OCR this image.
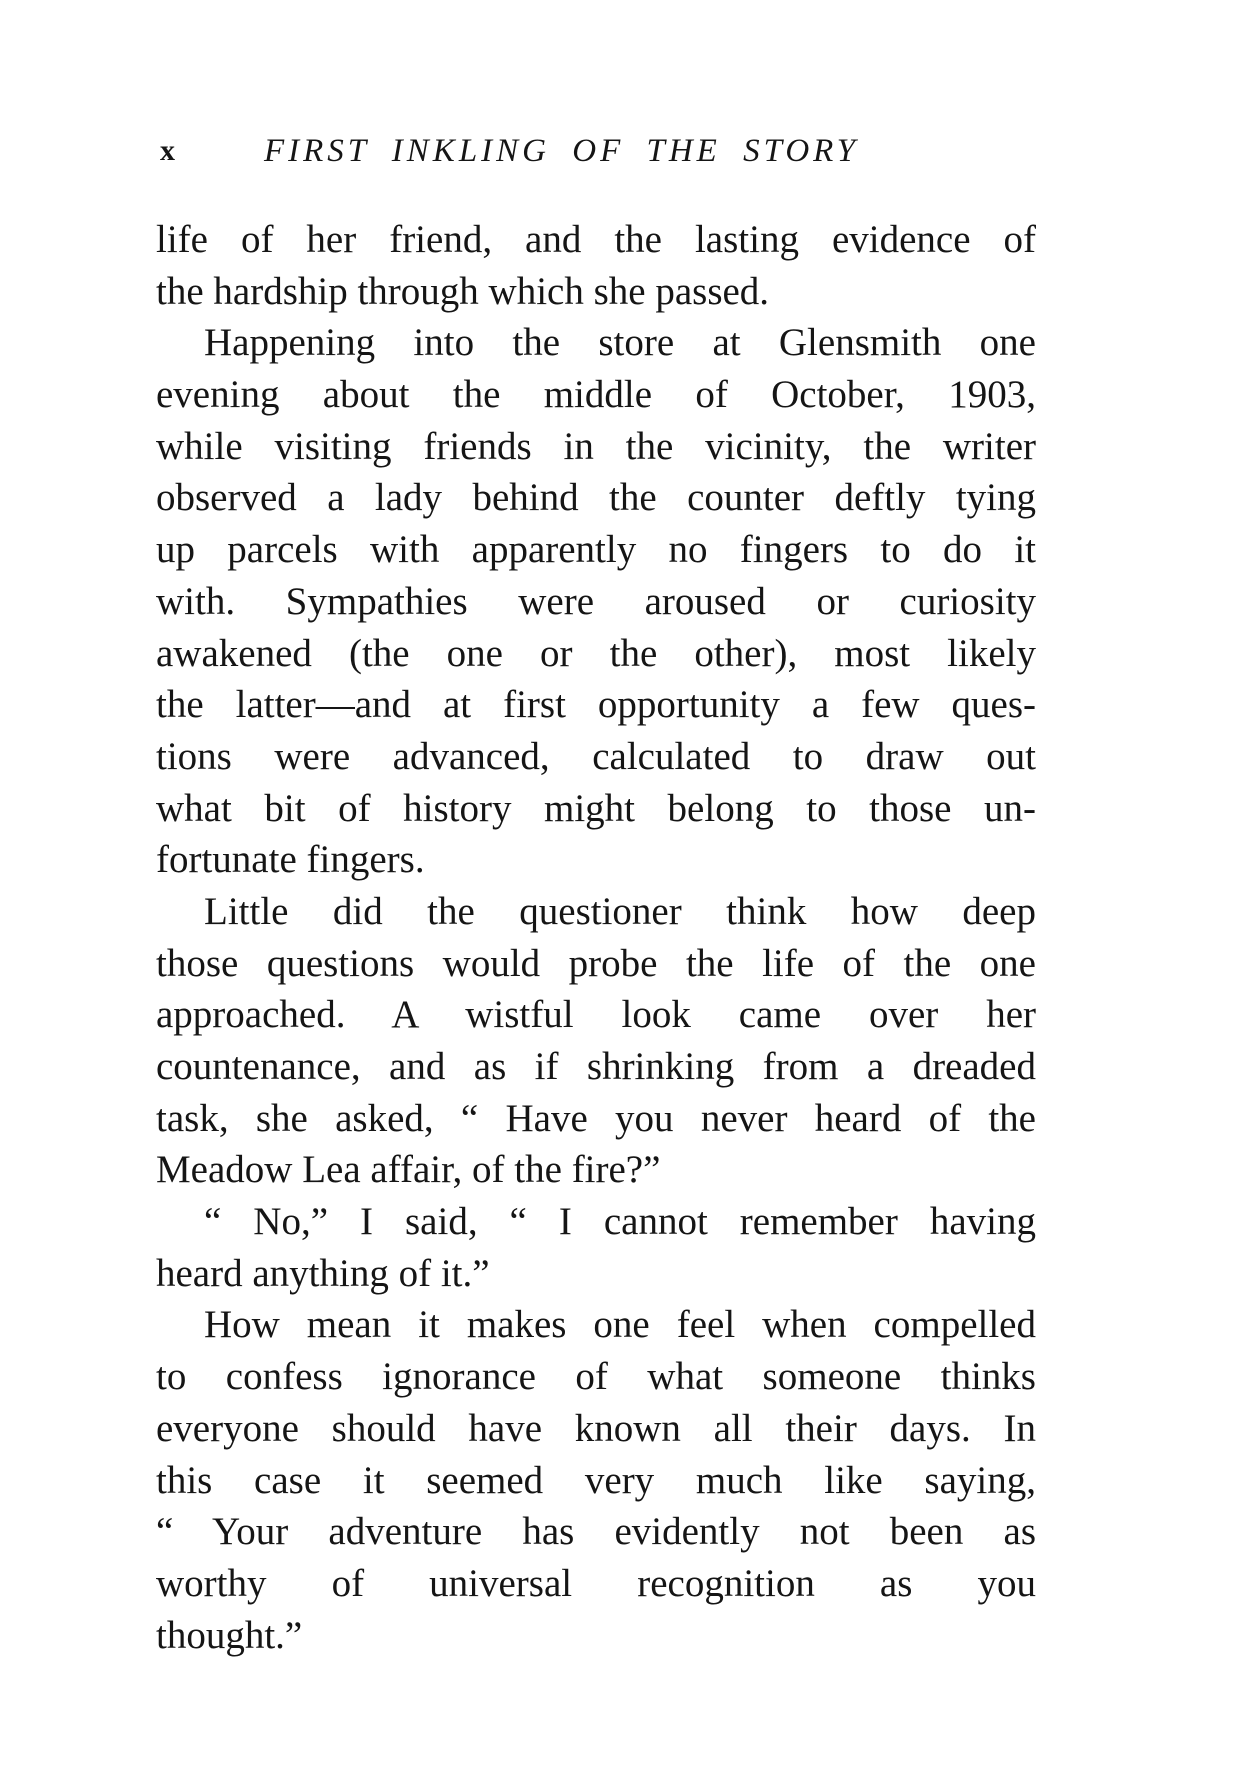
x	FIRST INKLING OF THE STORY
life of her friend, and the lasting evidence of
the hardship through which she passed.
Happening into the store at Glensmith one
evening about the middle of October, 1903,
while visiting friends in the vicinity, the writer
observed a lady behind the counter deftly tying
up parcels with apparently no fingers to do it
with. Sympathies were aroused or curiosity
awakened (the one or the other), most likely
the latter—and at first opportunity a few ques-
tions were advanced, calculated to draw out
what bit of history might belong to those un-
fortunate fingers.
Little did the questioner think how deep
those questions would probe the life of the one
approached. A wistful look came over her
countenance, and as if shrinking from a dreaded
task, she asked, “ Have you never heard of the
Meadow Lea affair, of the fire?”
“ No,” I said, “ I cannot remember having
heard anything of it.”
How mean it makes one feel when compelled
to confess ignorance of what someone thinks
everyone should have known all their days. In
this case it seemed very much like saying,
“ Your adventure has evidently not been as
worthy of universal recognition as you
thought.”
